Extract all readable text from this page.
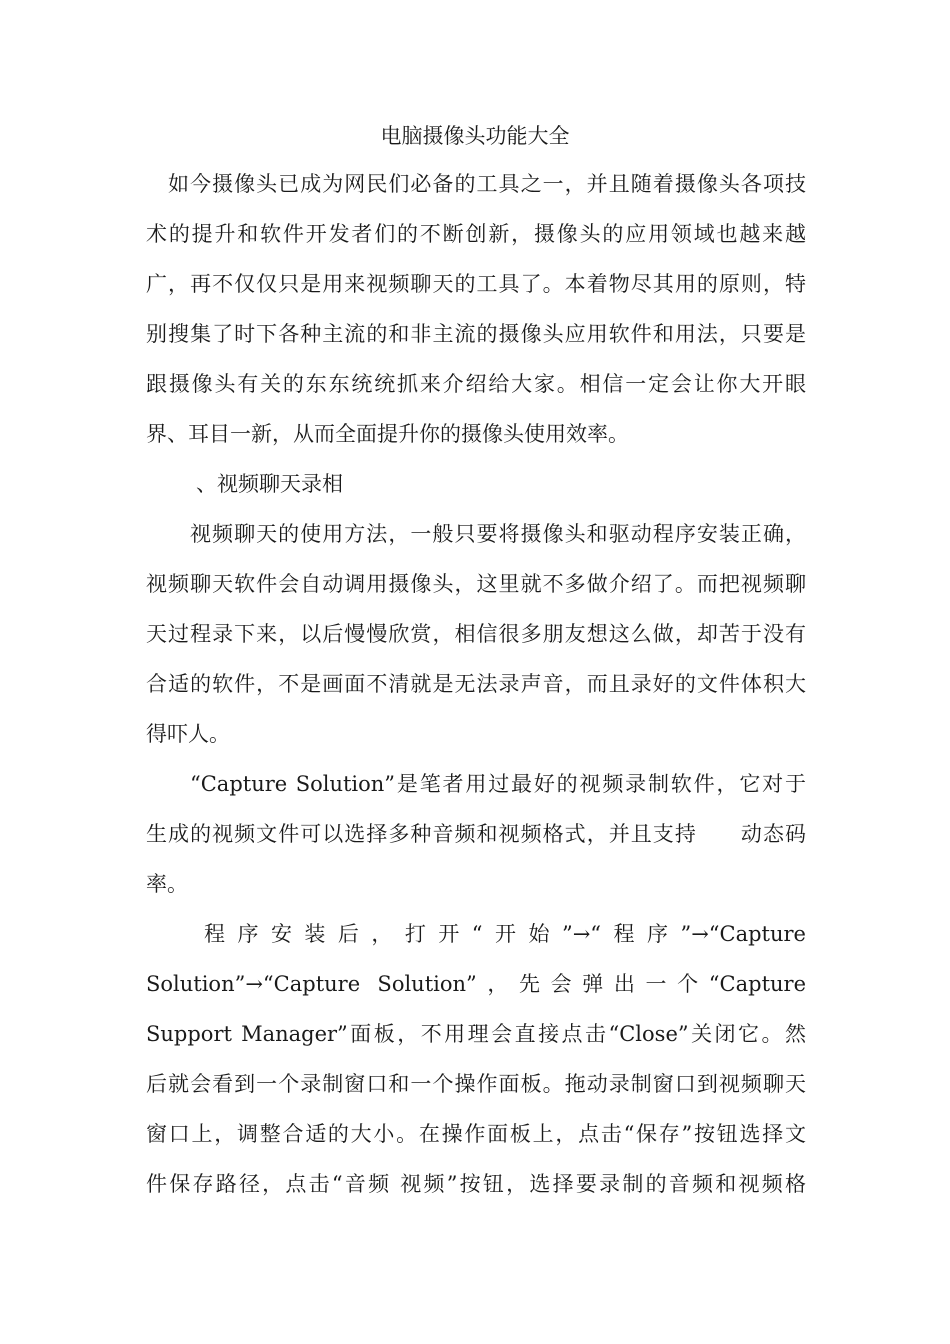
电脑摄像头功能大全
如今摄像头已成为网民们必备的工具之一，并且随着摄像头各项技
术的提升和软件开发者们的不断创新，摄像头的应用领域也越来越
广，再不仅仅只是用来视频聊天的工具了。本着物尽其用的原则，特
别搜集了时下各种主流的和非主流的摄像头应用软件和用法，只要是
跟摄像头有关的东东统统抓来介绍给大家。相信一定会让你大开眼
界、耳目一新，从而全面提升你的摄像头使用效率。
、视频聊天录相
视频聊天的使用方法，一般只要将摄像头和驱动程序安装正确，
视频聊天软件会自动调用摄像头，这里就不多做介绍了。而把视频聊
天过程录下来，以后慢慢欣赏，相信很多朋友想这么做，却苦于没有
合适的软件，不是画面不清就是无法录声音，而且录好的文件体积大
得吓人。
“Capture Solution”是笔者用过最好的视频录制软件，它对于
生成的视频文件可以选择多种音频和视频格式，并且支持　　动态码
率。
程序安装后，打开“开始”→“程序”→“Capture
Solution”→“Capture Solution”，先会弹出一个“Capture
Support Manager”面板，不用理会直接点击“Close”关闭它。然
后就会看到一个录制窗口和一个操作面板。拖动录制窗口到视频聊天
窗口上，调整合适的大小。在操作面板上，点击“保存”按钮选择文
件保存路径，点击“音频 视频”按钮，选择要录制的音频和视频格
